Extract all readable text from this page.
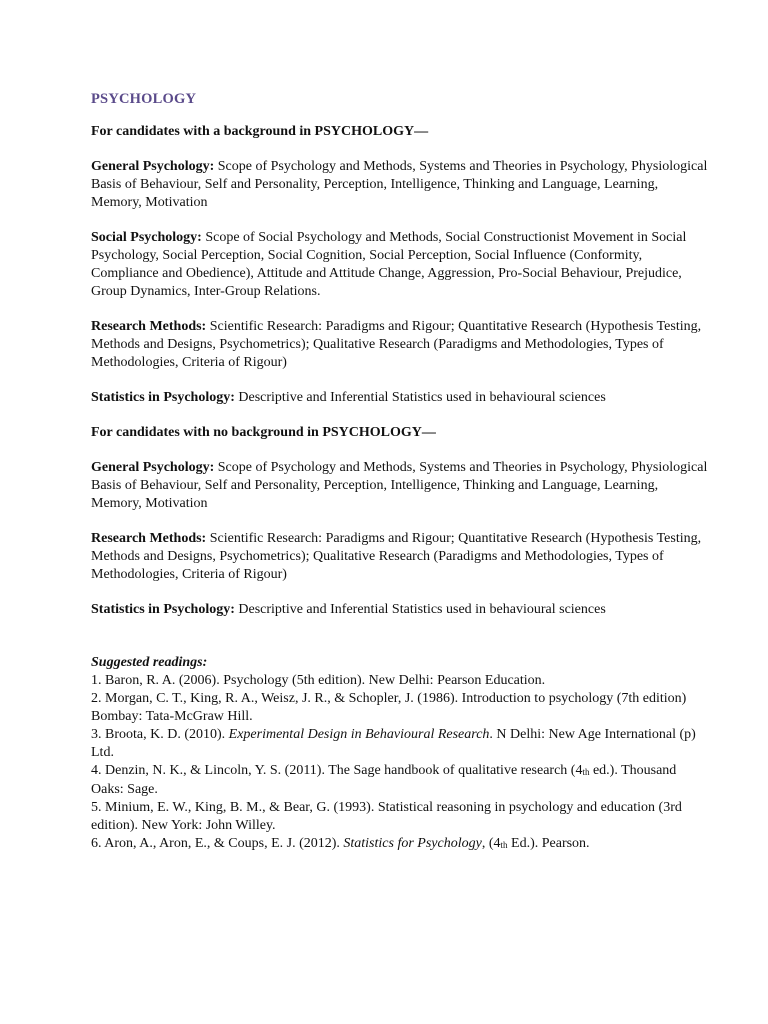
PSYCHOLOGY
For candidates with a background in PSYCHOLOGY—

General Psychology: Scope of Psychology and Methods, Systems and Theories in Psychology, Physiological Basis of Behaviour, Self and Personality, Perception, Intelligence, Thinking and Language, Learning, Memory, Motivation

Social Psychology: Scope of Social Psychology and Methods, Social Constructionist Movement in Social Psychology, Social Perception, Social Cognition, Social Perception, Social Influence (Conformity, Compliance and Obedience), Attitude and Attitude Change, Aggression, Pro-Social Behaviour, Prejudice, Group Dynamics, Inter-Group Relations.

Research Methods: Scientific Research: Paradigms and Rigour; Quantitative Research (Hypothesis Testing, Methods and Designs, Psychometrics); Qualitative Research (Paradigms and Methodologies, Types of Methodologies, Criteria of Rigour)

Statistics in Psychology: Descriptive and Inferential Statistics used in behavioural sciences

For candidates with no background in PSYCHOLOGY—

General Psychology: Scope of Psychology and Methods, Systems and Theories in Psychology, Physiological Basis of Behaviour, Self and Personality, Perception, Intelligence, Thinking and Language, Learning, Memory, Motivation

Research Methods: Scientific Research: Paradigms and Rigour; Quantitative Research (Hypothesis Testing, Methods and Designs, Psychometrics); Qualitative Research (Paradigms and Methodologies, Types of Methodologies, Criteria of Rigour)

Statistics in Psychology: Descriptive and Inferential Statistics used in behavioural sciences

Suggested readings:

1. Baron, R. A. (2006). Psychology (5th edition). New Delhi: Pearson Education.
2. Morgan, C. T., King, R. A., Weisz, J. R., & Schopler, J. (1986). Introduction to psychology (7th edition) Bombay: Tata-McGraw Hill.
3. Broota, K. D. (2010). Experimental Design in Behavioural Research. N Delhi: New Age International (p) Ltd.
4. Denzin, N. K., & Lincoln, Y. S. (2011). The Sage handbook of qualitative research ($4_{th}$ ed.). Thousand Oaks: Sage.
5. Minium, E. W., King, B. M., & Bear, G. (1993). Statistical reasoning in psychology and education (3rd edition). New York: John Willey.
6. Aron, A., Aron, E., & Coups, E. J. (2012). Statistics for Psychology, ($4_{th}$ Ed.). Pearson.
